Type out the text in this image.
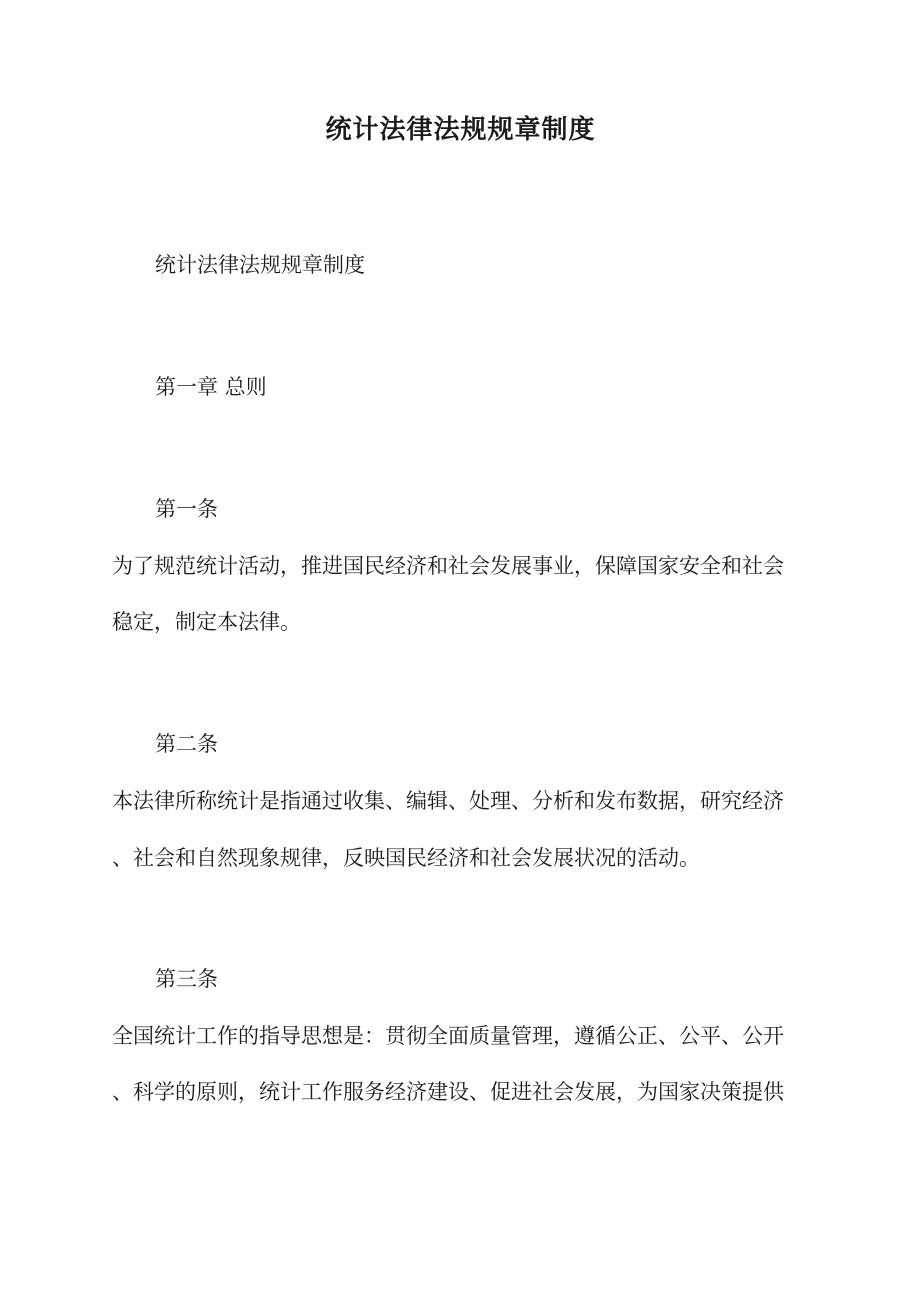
统计法律法规规章制度
统计法律法规规章制度
第一章 总则
第一条
为了规范统计活动，推进国民经济和社会发展事业，保障国家安全和社会
稳定，制定本法律。
第二条
本法律所称统计是指通过收集、编辑、处理、分析和发布数据，研究经济
、社会和自然现象规律，反映国民经济和社会发展状况的活动。
第三条
全国统计工作的指导思想是：贯彻全面质量管理，遵循公正、公平、公开
、科学的原则，统计工作服务经济建设、促进社会发展，为国家决策提供
